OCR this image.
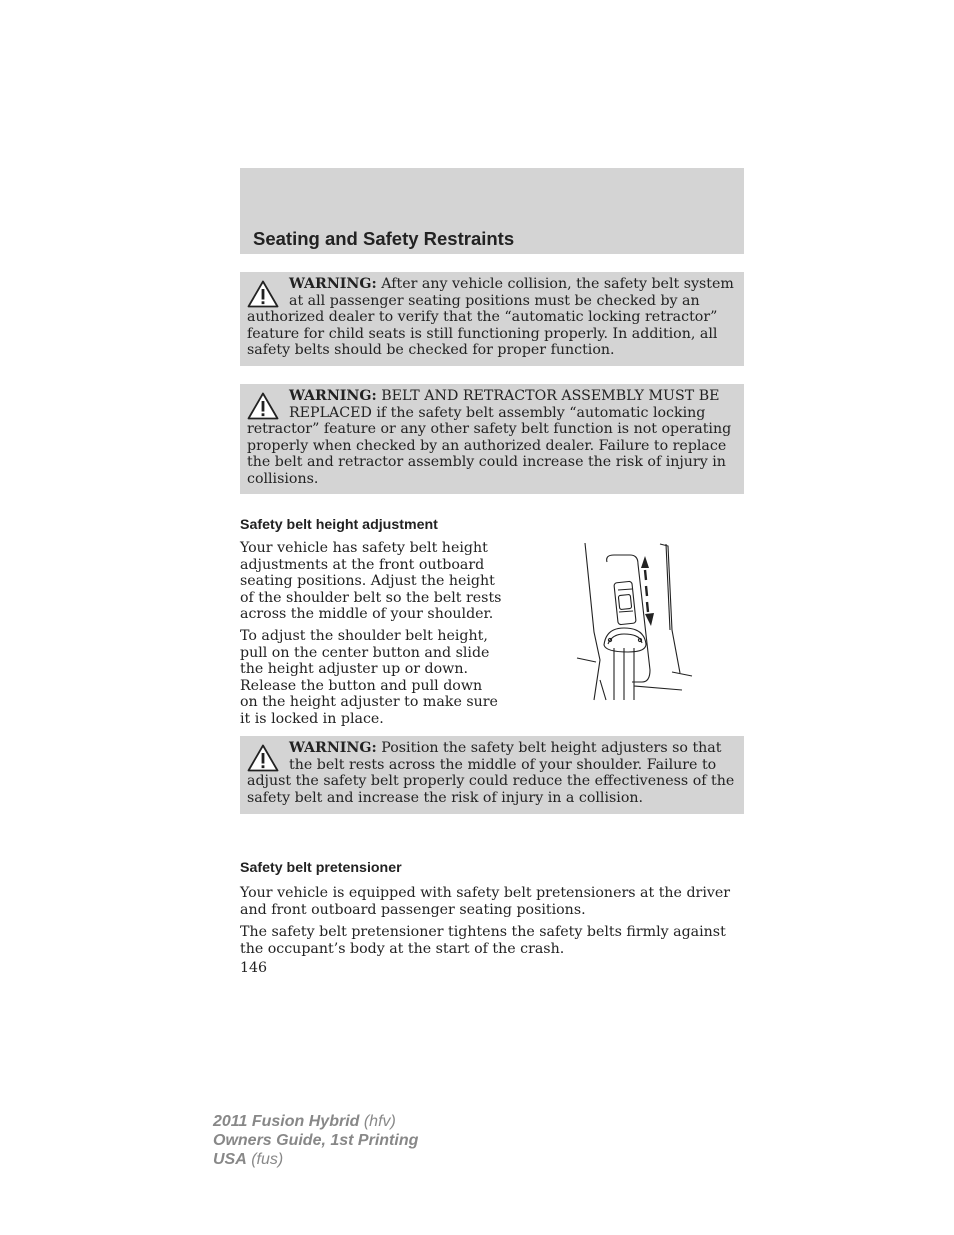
Seating and Safety Restraints
WARNING: After any vehicle collision, the safety belt system at all passenger seating positions must be checked by an authorized dealer to verify that the “automatic locking retractor” feature for child seats is still functioning properly. In addition, all safety belts should be checked for proper function.
WARNING: BELT AND RETRACTOR ASSEMBLY MUST BE REPLACED if the safety belt assembly “automatic locking retractor” feature or any other safety belt function is not operating properly when checked by an authorized dealer. Failure to replace the belt and retractor assembly could increase the risk of injury in collisions.
Safety belt height adjustment

Your vehicle has safety belt height adjustments at the front outboard seating positions. Adjust the height of the shoulder belt so the belt rests across the middle of your shoulder.

To adjust the shoulder belt height, pull on the center button and slide the height adjuster up or down. Release the button and pull down on the height adjuster to make sure it is locked in place.

WARNING: Position the safety belt height adjusters so that the belt rests across the middle of your shoulder. Failure to adjust the safety belt properly could reduce the effectiveness of the safety belt and increase the risk of injury in a collision.
Safety belt pretensioner

Your vehicle is equipped with safety belt pretensioners at the driver and front outboard passenger seating positions.

The safety belt pretensioner tightens the safety belts firmly against the occupant’s body at the start of the crash.

146

2011 Fusion Hybrid (hfv)
Owners Guide, 1st Printing
USA (fus)
